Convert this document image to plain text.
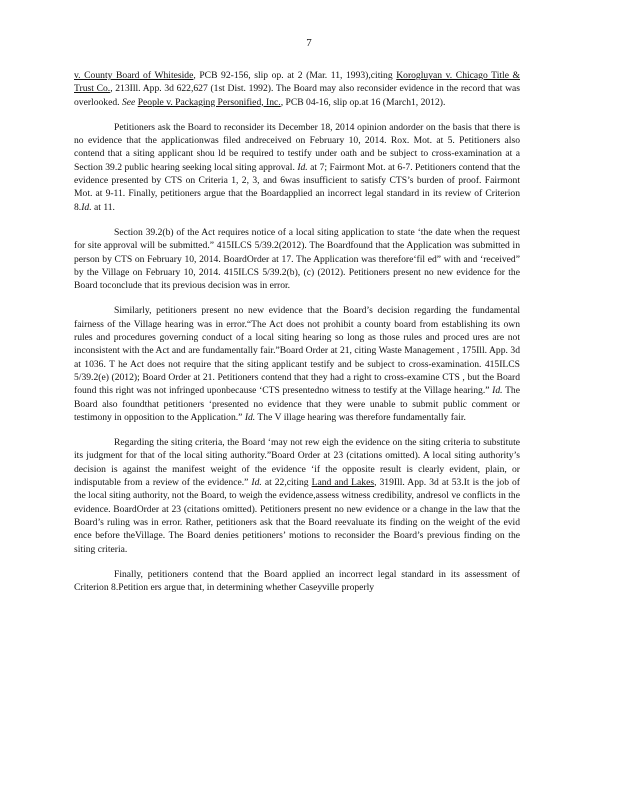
7

v. County Board of Whiteside, PCB 92-156, slip op. at 2 (Mar. 11, 1993),citing Korogluyan v. Chicago Title & Trust Co., 213Ill. App. 3d 622,627 (1st Dist. 1992). The Board may also reconsider evidence in the record that was overlooked. See People v. Packaging Personified, Inc., PCB 04-16, slip op.at 16 (March1, 2012).

Petitioners ask the Board to reconsider its December 18, 2014 opinion andorder on the basis that there is no evidence that the applicationwas filed andreceived on February 10, 2014. Rox. Mot. at 5. Petitioners also contend that a siting applicant shou ld be required to testify under oath and be subject to cross-examination at a Section 39.2 public hearing seeking local siting approval. Id. at 7; Fairmont Mot. at 6-7. Petitioners contend that the evidence presented by CTS on Criteria 1, 2, 3, and 6was insufficient to satisfy CTS’s burden of proof. Fairmont Mot. at 9-11. Finally, petitioners argue that the Boardapplied an incorrect legal standard in its review of Criterion 8.Id. at 11.

Section 39.2(b) of the Act requires notice of a local siting application to state ‘the date when the request for site approval will be submitted.” 415ILCS 5/39.2(2012). The Boardfound that the Application was submitted in person by CTS on February 10, 2014. BoardOrder at 17. The Application was therefore‘fil ed” with and ‘received” by the Village on February 10, 2014. 415ILCS 5/39.2(b), (c) (2012). Petitioners present no new evidence for the Board toconclude that its previous decision was in error.

Similarly, petitioners present no new evidence that the Board’s decision regarding the fundamental fairness of the Village hearing was in error.“The Act does not prohibit a county board from establishing its own rules and procedures governing conduct of a local siting hearing so long as those rules and proced ures are not inconsistent with the Act and are fundamentally fair.”Board Order at 21, citing Waste Management , 175Ill. App. 3d at 1036. T he Act does not require that the siting applicant testify and be subject to cross-examination. 415ILCS 5/39.2(e) (2012); Board Order at 21. Petitioners contend that they had a right to cross-examine CTS , but the Board found this right was not infringed uponbecause ‘CTS presentedno witness to testify at the Village hearing.” Id. The Board also foundthat petitioners ‘presented no evidence that they were unable to submit public comment or testimony in opposition to the Application.” Id. The V illage hearing was therefore fundamentally fair.

Regarding the siting criteria, the Board ‘may not rew eigh the evidence on the siting criteria to substitute its judgment for that of the local siting authority.”Board Order at 23 (citations omitted). A local siting authority’s decision is against the manifest weight of the evidence ‘if the opposite result is clearly evident, plain, or indisputable from a review of the evidence.” Id. at 22,citing Land and Lakes, 319Ill. App. 3d at 53.It is the job of the local siting authority, not the Board, to weigh the evidence,assess witness credibility, andresol ve conflicts in the evidence. BoardOrder at 23 (citations omitted). Petitioners present no new evidence or a change in the law that the Board’s ruling was in error. Rather, petitioners ask that the Board reevaluate its finding on the weight of the evid ence before theVillage. The Board denies petitioners’ motions to reconsider the Board’s previous finding on the siting criteria.

Finally, petitioners contend that the Board applied an incorrect legal standard in its assessment of Criterion 8.Petition ers argue that, in determining whether Caseyville properly
